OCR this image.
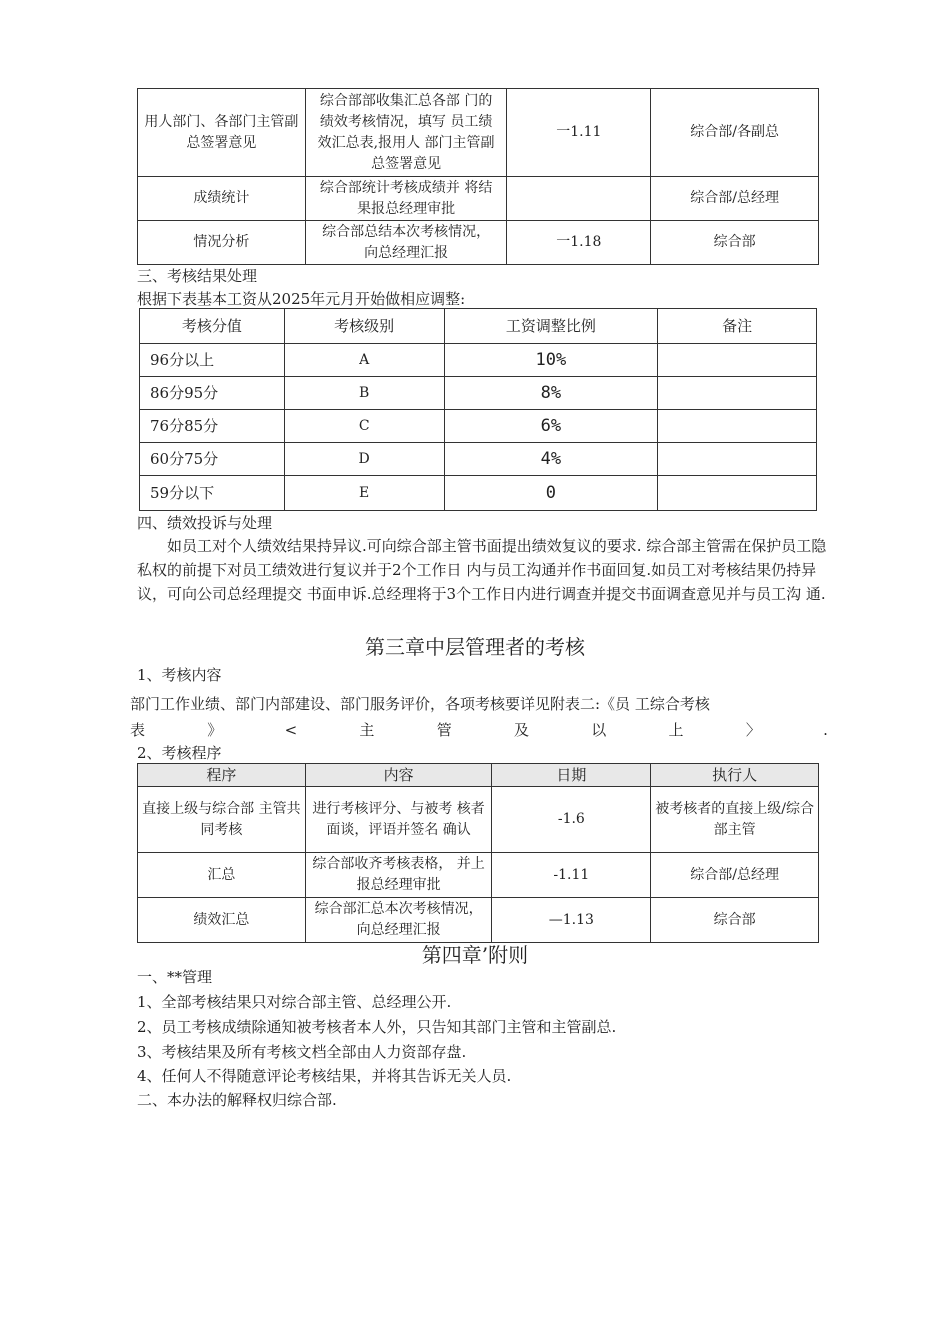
用人部门、各部门主管副总签署意见	综合部部收集汇总各部 门的绩效考核情况，填写 员工绩效汇总表,报用人 部门主管副总签署意见	一1.11	综合部/各副总
成绩统计	综合部统计考核成绩并 将结果报总经理审批		综合部/总经理
情况分析	综合部总结本次考核情况，向总经理汇报	一1.18	综合部
三、考核结果处理
根据下表基本工资从2025年元月开始做相应调整:
考核分值	考核级别	工资调整比例	备注
96分以上	A	10%	
86分95分	B	8%	
76分85分	C	6%	
60分75分	D	4%	
59分以下	E	0	
四、绩效投诉与处理
如员工对个人绩效结果持异议.可向综合部主管书面提出绩效复议的要求. 综合部主管需在保护员工隐私权的前提下对员工绩效进行复议并于2个工作日 内与员工沟通并作书面回复.如员工对考核结果仍持异议，可向公司总经理提交 书面申诉.总经理将于3个工作日内进行调查并提交书面调查意见并与员工沟 通.
第三章中层管理者的考核
1、考核内容
部门工作业绩、部门内部建设、部门服务评价，各项考核要详见附表二:《员 工综合考核
表	》	<	主	管	及	以	上	〉	.
2、考核程序
程序	内容	日期	执行人
直接上级与综合部 主管共同考核	进行考核评分、与被考 核者面谈，评语并签名 确认	-1.6	被考核者的直接上级/综合部主管
汇总	综合部收齐考核表格， 并上报总经理审批	-1.11	综合部/总经理
绩效汇总	综合部汇总本次考核情况，向总经理汇报	—1.13	综合部
第四章’附则
一、**管理
1、全部考核结果只对综合部主管、总经理公开.
2、员工考核成绩除通知被考核者本人外，只告知其部门主管和主管副总.
3、考核结果及所有考核文档全部由人力资部存盘.
4、任何人不得随意评论考核结果，并将其告诉无关人员.
二、本办法的解释权归综合部.
